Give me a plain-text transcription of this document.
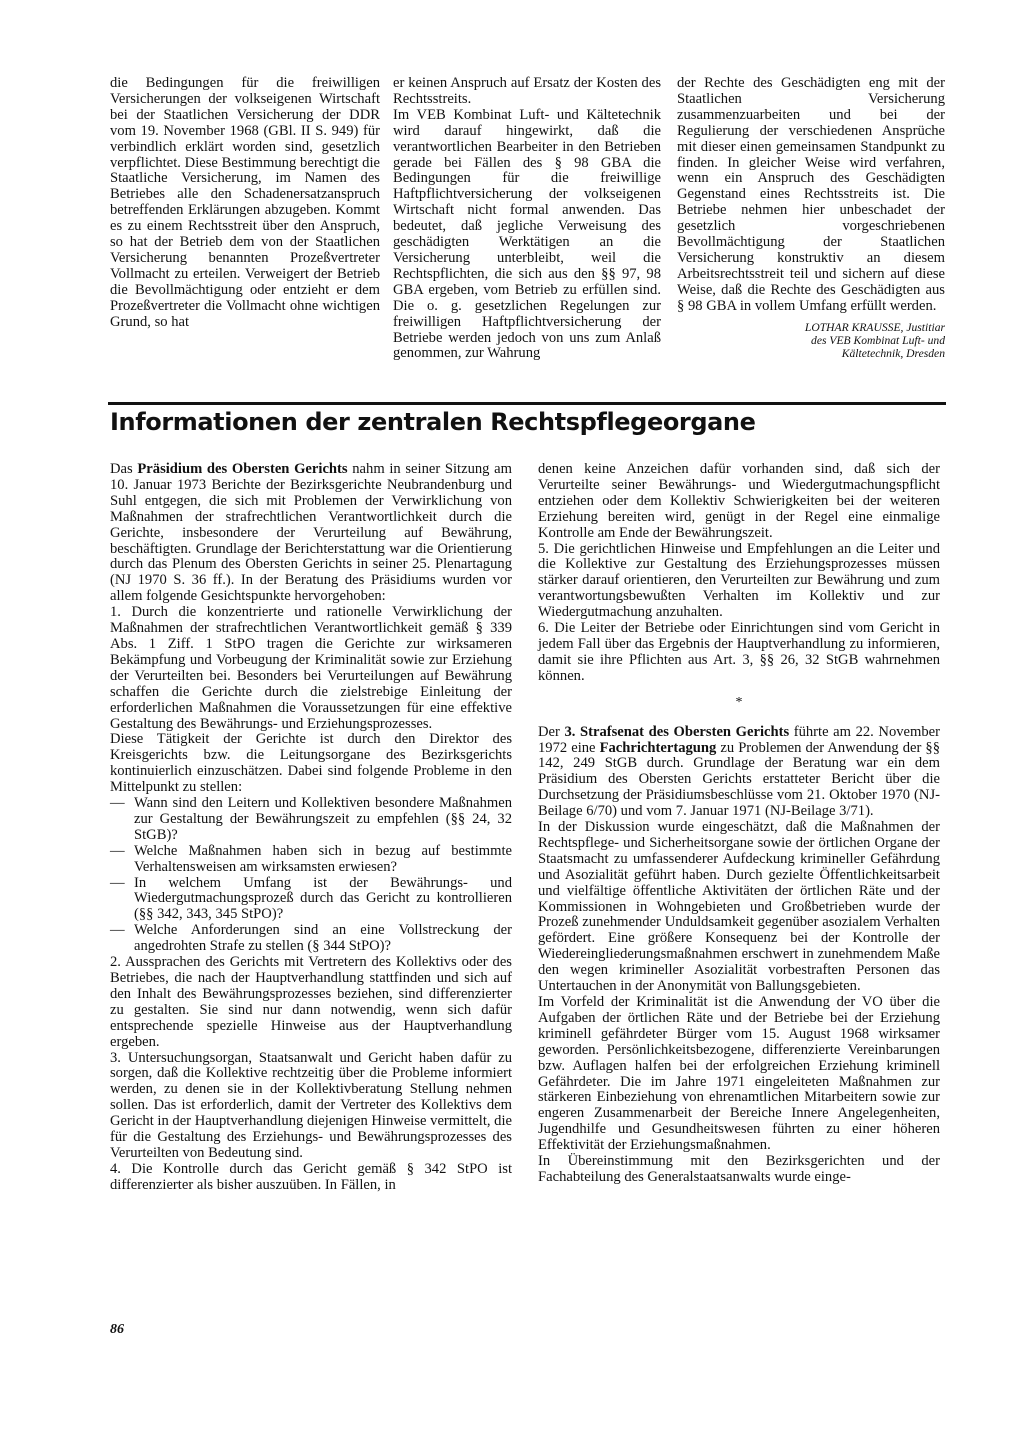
die Bedingungen für die freiwilligen Versicherungen der volkseigenen Wirtschaft bei der Staatlichen Versicherung der DDR vom 19. November 1968 (GBl. II S. 949) für verbindlich erklärt worden sind, gesetzlich verpflichtet. Diese Bestimmung berechtigt die Staatliche Versicherung, im Namen des Betriebes alle den Schadenersatzanspruch betreffenden Erklärungen abzugeben. Kommt es zu einem Rechtsstreit über den Anspruch, so hat der Betrieb dem von der Staatlichen Versicherung benannten Prozeßvertreter Vollmacht zu erteilen. Verweigert der Betrieb die Bevollmächtigung oder entzieht er dem Prozeßvertreter die Vollmacht ohne wichtigen Grund, so hat

er keinen Anspruch auf Ersatz der Kosten des Rechtsstreits.

Im VEB Kombinat Luft- und Kältetechnik wird darauf hingewirkt, daß die verantwortlichen Bearbeiter in den Betrieben gerade bei Fällen des § 98 GBA die Bedingungen für die freiwillige Haftpflichtversicherung der volkseigenen Wirtschaft nicht formal anwenden. Das bedeutet, daß jegliche Verweisung des geschädigten Werktätigen an die Versicherung unterbleibt, weil die Rechtspflichten, die sich aus den §§ 97, 98 GBA ergeben, vom Betrieb zu erfüllen sind. Die o. g. gesetzlichen Regelungen zur freiwilligen Haftpflichtversicherung der Betriebe werden jedoch von uns zum Anlaß genommen, zur Wahrung

der Rechte des Geschädigten eng mit der Staatlichen Versicherung zusammenzuarbeiten und bei der Regulierung der verschiedenen Ansprüche mit dieser einen gemeinsamen Standpunkt zu finden. In gleicher Weise wird verfahren, wenn ein Anspruch des Geschädigten Gegenstand eines Rechtsstreits ist. Die Betriebe nehmen hier unbeschadet der gesetzlich vorgeschriebenen Bevollmächtigung der Staatlichen Versicherung konstruktiv an diesem Arbeitsrechtsstreit teil und sichern auf diese Weise, daß die Rechte des Geschädigten aus § 98 GBA in vollem Umfang erfüllt werden.

LOTHAR KRAUSSE, Justitiar
des VEB Kombinat Luft- und
Kältetechnik, Dresden
Informationen der zentralen Rechtspflegeorgane

Das Präsidium des Obersten Gerichts nahm in seiner Sitzung am 10. Januar 1973 Berichte der Bezirksgerichte Neubrandenburg und Suhl entgegen, die sich mit Problemen der Verwirklichung von Maßnahmen der strafrechtlichen Verantwortlichkeit durch die Gerichte, insbesondere der Verurteilung auf Bewährung, beschäftigten. Grundlage der Berichterstattung war die Orientierung durch das Plenum des Obersten Gerichts in seiner 25. Plenartagung (NJ 1970 S. 36 ff.). In der Beratung des Präsidiums wurden vor allem folgende Gesichtspunkte hervorgehoben:

1. Durch die konzentrierte und rationelle Verwirklichung der Maßnahmen der strafrechtlichen Verantwortlichkeit gemäß § 339 Abs. 1 Ziff. 1 StPO tragen die Gerichte zur wirksameren Bekämpfung und Vorbeugung der Kriminalität sowie zur Erziehung der Verurteilten bei. Besonders bei Verurteilungen auf Bewährung schaffen die Gerichte durch die zielstrebige Einleitung der erforderlichen Maßnahmen die Voraussetzungen für eine effektive Gestaltung des Bewährungs- und Erziehungsprozesses.

Diese Tätigkeit der Gerichte ist durch den Direktor des Kreisgerichts bzw. die Leitungsorgane des Bezirksgerichts kontinuierlich einzuschätzen. Dabei sind folgende Probleme in den Mittelpunkt zu stellen:

— Wann sind den Leitern und Kollektiven besondere Maßnahmen zur Gestaltung der Bewährungszeit zu empfehlen (§§ 24, 32 StGB)?
— Welche Maßnahmen haben sich in bezug auf bestimmte Verhaltensweisen am wirksamsten erwiesen?
— In welchem Umfang ist der Bewährungs- und Wiedergutmachungsprozeß durch das Gericht zu kontrollieren (§§ 342, 343, 345 StPO)?
— Welche Anforderungen sind an eine Vollstreckung der angedrohten Strafe zu stellen (§ 344 StPO)?

2. Aussprachen des Gerichts mit Vertretern des Kollektivs oder des Betriebes, die nach der Hauptverhandlung stattfinden und sich auf den Inhalt des Bewährungsprozesses beziehen, sind differenzierter zu gestalten. Sie sind nur dann notwendig, wenn sich dafür entsprechende spezielle Hinweise aus der Hauptverhandlung ergeben.

3. Untersuchungsorgan, Staatsanwalt und Gericht haben dafür zu sorgen, daß die Kollektive rechtzeitig über die Probleme informiert werden, zu denen sie in der Kollektivberatung Stellung nehmen sollen. Das ist erforderlich, damit der Vertreter des Kollektivs dem Gericht in der Hauptverhandlung diejenigen Hinweise vermittelt, die für die Gestaltung des Erziehungs- und Bewährungsprozesses des Verurteilten von Bedeutung sind.

4. Die Kontrolle durch das Gericht gemäß § 342 StPO ist differenzierter als bisher auszuüben. In Fällen, in

denen keine Anzeichen dafür vorhanden sind, daß sich der Verurteilte seiner Bewährungs- und Wiedergutmachungspflicht entziehen oder dem Kollektiv Schwierigkeiten bei der weiteren Erziehung bereiten wird, genügt in der Regel eine einmalige Kontrolle am Ende der Bewährungszeit.

5. Die gerichtlichen Hinweise und Empfehlungen an die Leiter und die Kollektive zur Gestaltung des Erziehungsprozesses müssen stärker darauf orientieren, den Verurteilten zur Bewährung und zum verantwortungsbewußten Verhalten im Kollektiv und zur Wiedergutmachung anzuhalten.

6. Die Leiter der Betriebe oder Einrichtungen sind vom Gericht in jedem Fall über das Ergebnis der Hauptverhandlung zu informieren, damit sie ihre Pflichten aus Art. 3, §§ 26, 32 StGB wahrnehmen können.

*

Der 3. Strafsenat des Obersten Gerichts führte am 22. November 1972 eine Fachrichtertagung zu Problemen der Anwendung der §§ 142, 249 StGB durch. Grundlage der Beratung war ein dem Präsidium des Obersten Gerichts erstatteter Bericht über die Durchsetzung der Präsidiumsbeschlüsse vom 21. Oktober 1970 (NJ-Beilage 6/70) und vom 7. Januar 1971 (NJ-Beilage 3/71).

In der Diskussion wurde eingeschätzt, daß die Maßnahmen der Rechtspflege- und Sicherheitsorgane sowie der örtlichen Organe der Staatsmacht zu umfassenderer Aufdeckung krimineller Gefährdung und Asozialität geführt haben. Durch gezielte Öffentlichkeitsarbeit und vielfältige öffentliche Aktivitäten der örtlichen Räte und der Kommissionen in Wohngebieten und Großbetrieben wurde der Prozeß zunehmender Unduldsamkeit gegenüber asozialem Verhalten gefördert. Eine größere Konsequenz bei der Kontrolle der Wiedereingliederungsmaßnahmen erschwert in zunehmendem Maße den wegen krimineller Asozialität vorbestraften Personen das Untertauchen in der Anonymität von Ballungsgebieten.

Im Vorfeld der Kriminalität ist die Anwendung der VO über die Aufgaben der örtlichen Räte und der Betriebe bei der Erziehung kriminell gefährdeter Bürger vom 15. August 1968 wirksamer geworden. Persönlichkeitsbezogene, differenzierte Vereinbarungen bzw. Auflagen halfen bei der erfolgreichen Erziehung kriminell Gefährdeter. Die im Jahre 1971 eingeleiteten Maßnahmen zur stärkeren Einbeziehung von ehrenamtlichen Mitarbeitern sowie zur engeren Zusammenarbeit der Bereiche Innere Angelegenheiten, Jugendhilfe und Gesundheitswesen führten zu einer höheren Effektivität der Erziehungsmaßnahmen.

In Übereinstimmung mit den Bezirksgerichten und der Fachabteilung des Generalstaatsanwalts wurde einge-

86
